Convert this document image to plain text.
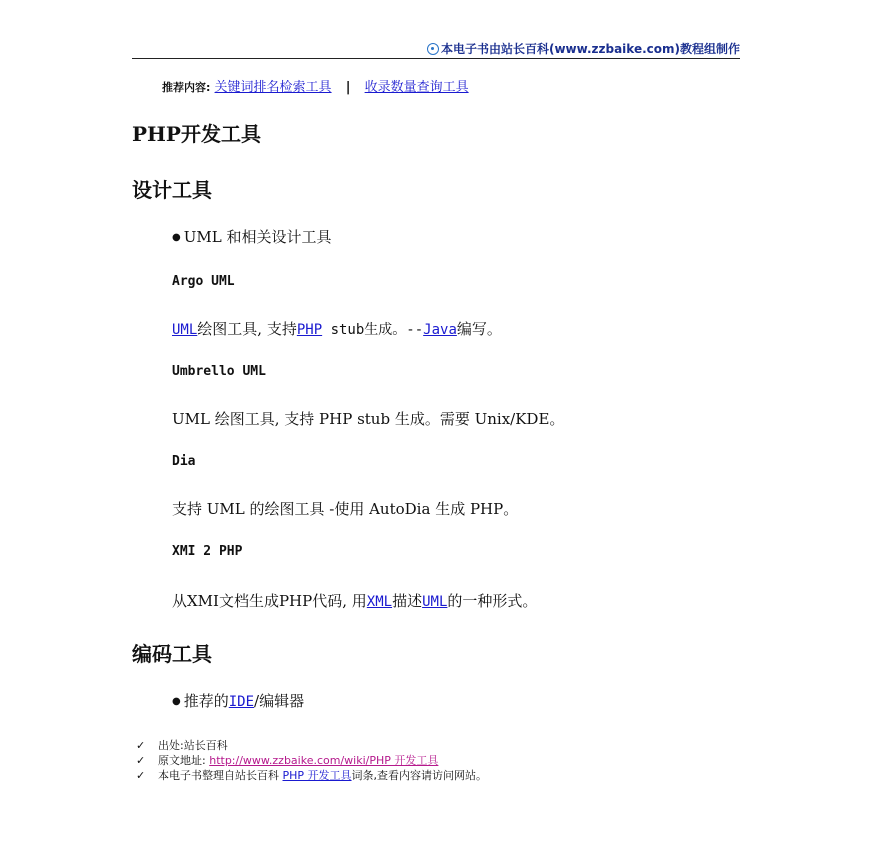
本电子书由站长百科(www.zzbaike.com)教程组制作
推荐内容: 关键词排名检索工具 | 收录数量查询工具
PHP开发工具
设计工具
● UML 和相关设计工具
Argo UML
UML绘图工具, 支持PHP stub生成。--Java编写。
Umbrello UML
UML 绘图工具, 支持 PHP stub 生成。需要 Unix/KDE。
Dia
支持 UML 的绘图工具 -使用 AutoDia 生成 PHP。
XMI 2 PHP
从XMI文档生成PHP代码, 用XML描述UML的一种形式。
编码工具
● 推荐的IDE/编辑器
✓ 出处:站长百科
✓ 原文地址: http://www.zzbaike.com/wiki/PHP 开发工具
✓ 本电子书整理自站长百科 PHP 开发工具词条,查看内容请访问网站。
